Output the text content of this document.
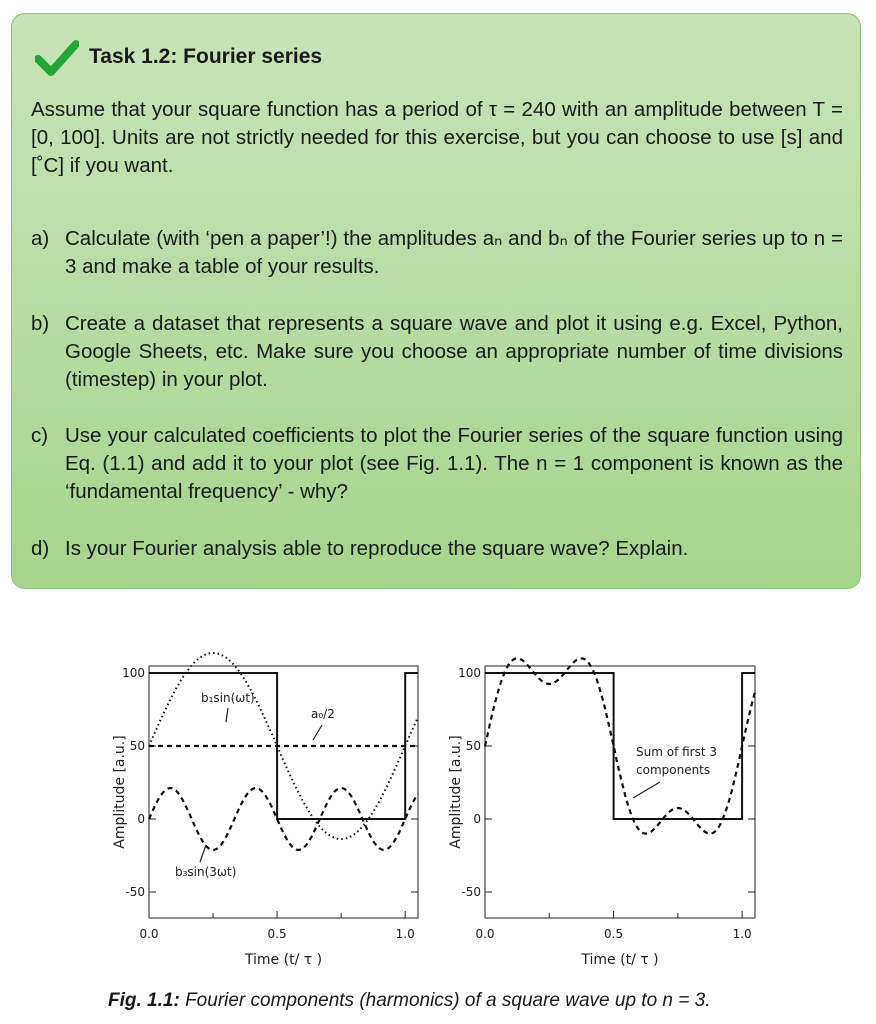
Task 1.2: Fourier series
Assume that your square function has a period of τ = 240 with an amplitude between T = [0, 100]. Units are not strictly needed for this exercise, but you can choose to use [s] and [˚C] if you want.
a) Calculate (with ‘pen a paper’!) the amplitudes aₙ and bₙ of the Fourier series up to n = 3 and make a table of your results.
b) Create a dataset that represents a square wave and plot it using e.g. Excel, Python, Google Sheets, etc. Make sure you choose an appropriate number of time divisions (timestep) in your plot.
c) Use your calculated coefficients to plot the Fourier series of the square function using Eq. (1.1) and add it to your plot (see Fig. 1.1). The n = 1 component is known as the ‘fundamental frequency’ - why?
d) Is your Fourier analysis able to reproduce the square wave? Explain.
100
50
0
-50
0.0	0.5	1.0
Time (t/ τ )
Amplitude [a.u.]
100
50
0
-50
0.0	0.5	1.0
Time (t/ τ )
Amplitude [a.u.]
b₁sin(ωt)
a₀/2
b₃sin(3ωt)
Sum of first 3
components
Fig. 1.1: Fourier components (harmonics) of a square wave up to n = 3.
